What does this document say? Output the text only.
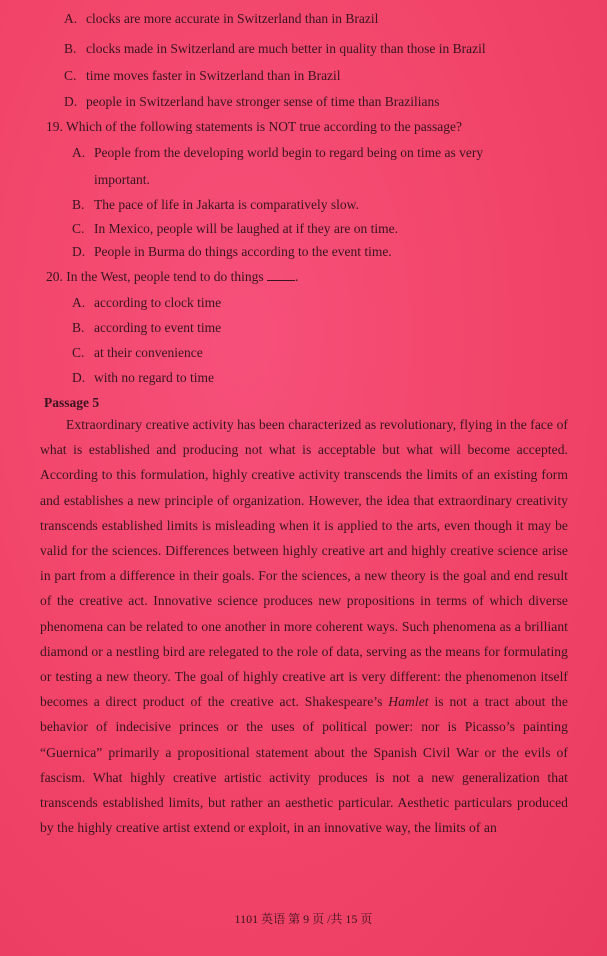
A. clocks are more accurate in Switzerland than in Brazil
B. clocks made in Switzerland are much better in quality than those in Brazil
C. time moves faster in Switzerland than in Brazil
D. people in Switzerland have stronger sense of time than Brazilians
19. Which of the following statements is NOT true according to the passage?
A. People from the developing world begin to regard being on time as very
important.
B. The pace of life in Jakarta is comparatively slow.
C. In Mexico, people will be laughed at if they are on time.
D. People in Burma do things according to the event time.
20. In the West, people tend to do things .
A. according to clock time
B. according to event time
C. at their convenience
D. with no regard to time
Passage 5
Extraordinary creative activity has been characterized as revolutionary, flying in the face of what is established and producing not what is acceptable but what will become accepted. According to this formulation, highly creative activity transcends the limits of an existing form and establishes a new principle of organization. However, the idea that extraordinary creativity transcends established limits is misleading when it is applied to the arts, even though it may be valid for the sciences. Differences between highly creative art and highly creative science arise in part from a difference in their goals. For the sciences, a new theory is the goal and end result of the creative act. Innovative science produces new propositions in terms of which diverse phenomena can be related to one another in more coherent ways. Such phenomena as a brilliant diamond or a nestling bird are relegated to the role of data, serving as the means for formulating or testing a new theory. The goal of highly creative art is very different: the phenomenon itself becomes a direct product of the creative act. Shakespeare’s Hamlet is not a tract about the behavior of indecisive princes or the uses of political power: nor is Picasso’s painting “Guernica” primarily a propositional statement about the Spanish Civil War or the evils of fascism. What highly creative artistic activity produces is not a new generalization that transcends established limits, but rather an aesthetic particular. Aesthetic particulars produced by the highly creative artist extend or exploit, in an innovative way, the limits of an
1101 英语 第 9 页 /共 15 页
